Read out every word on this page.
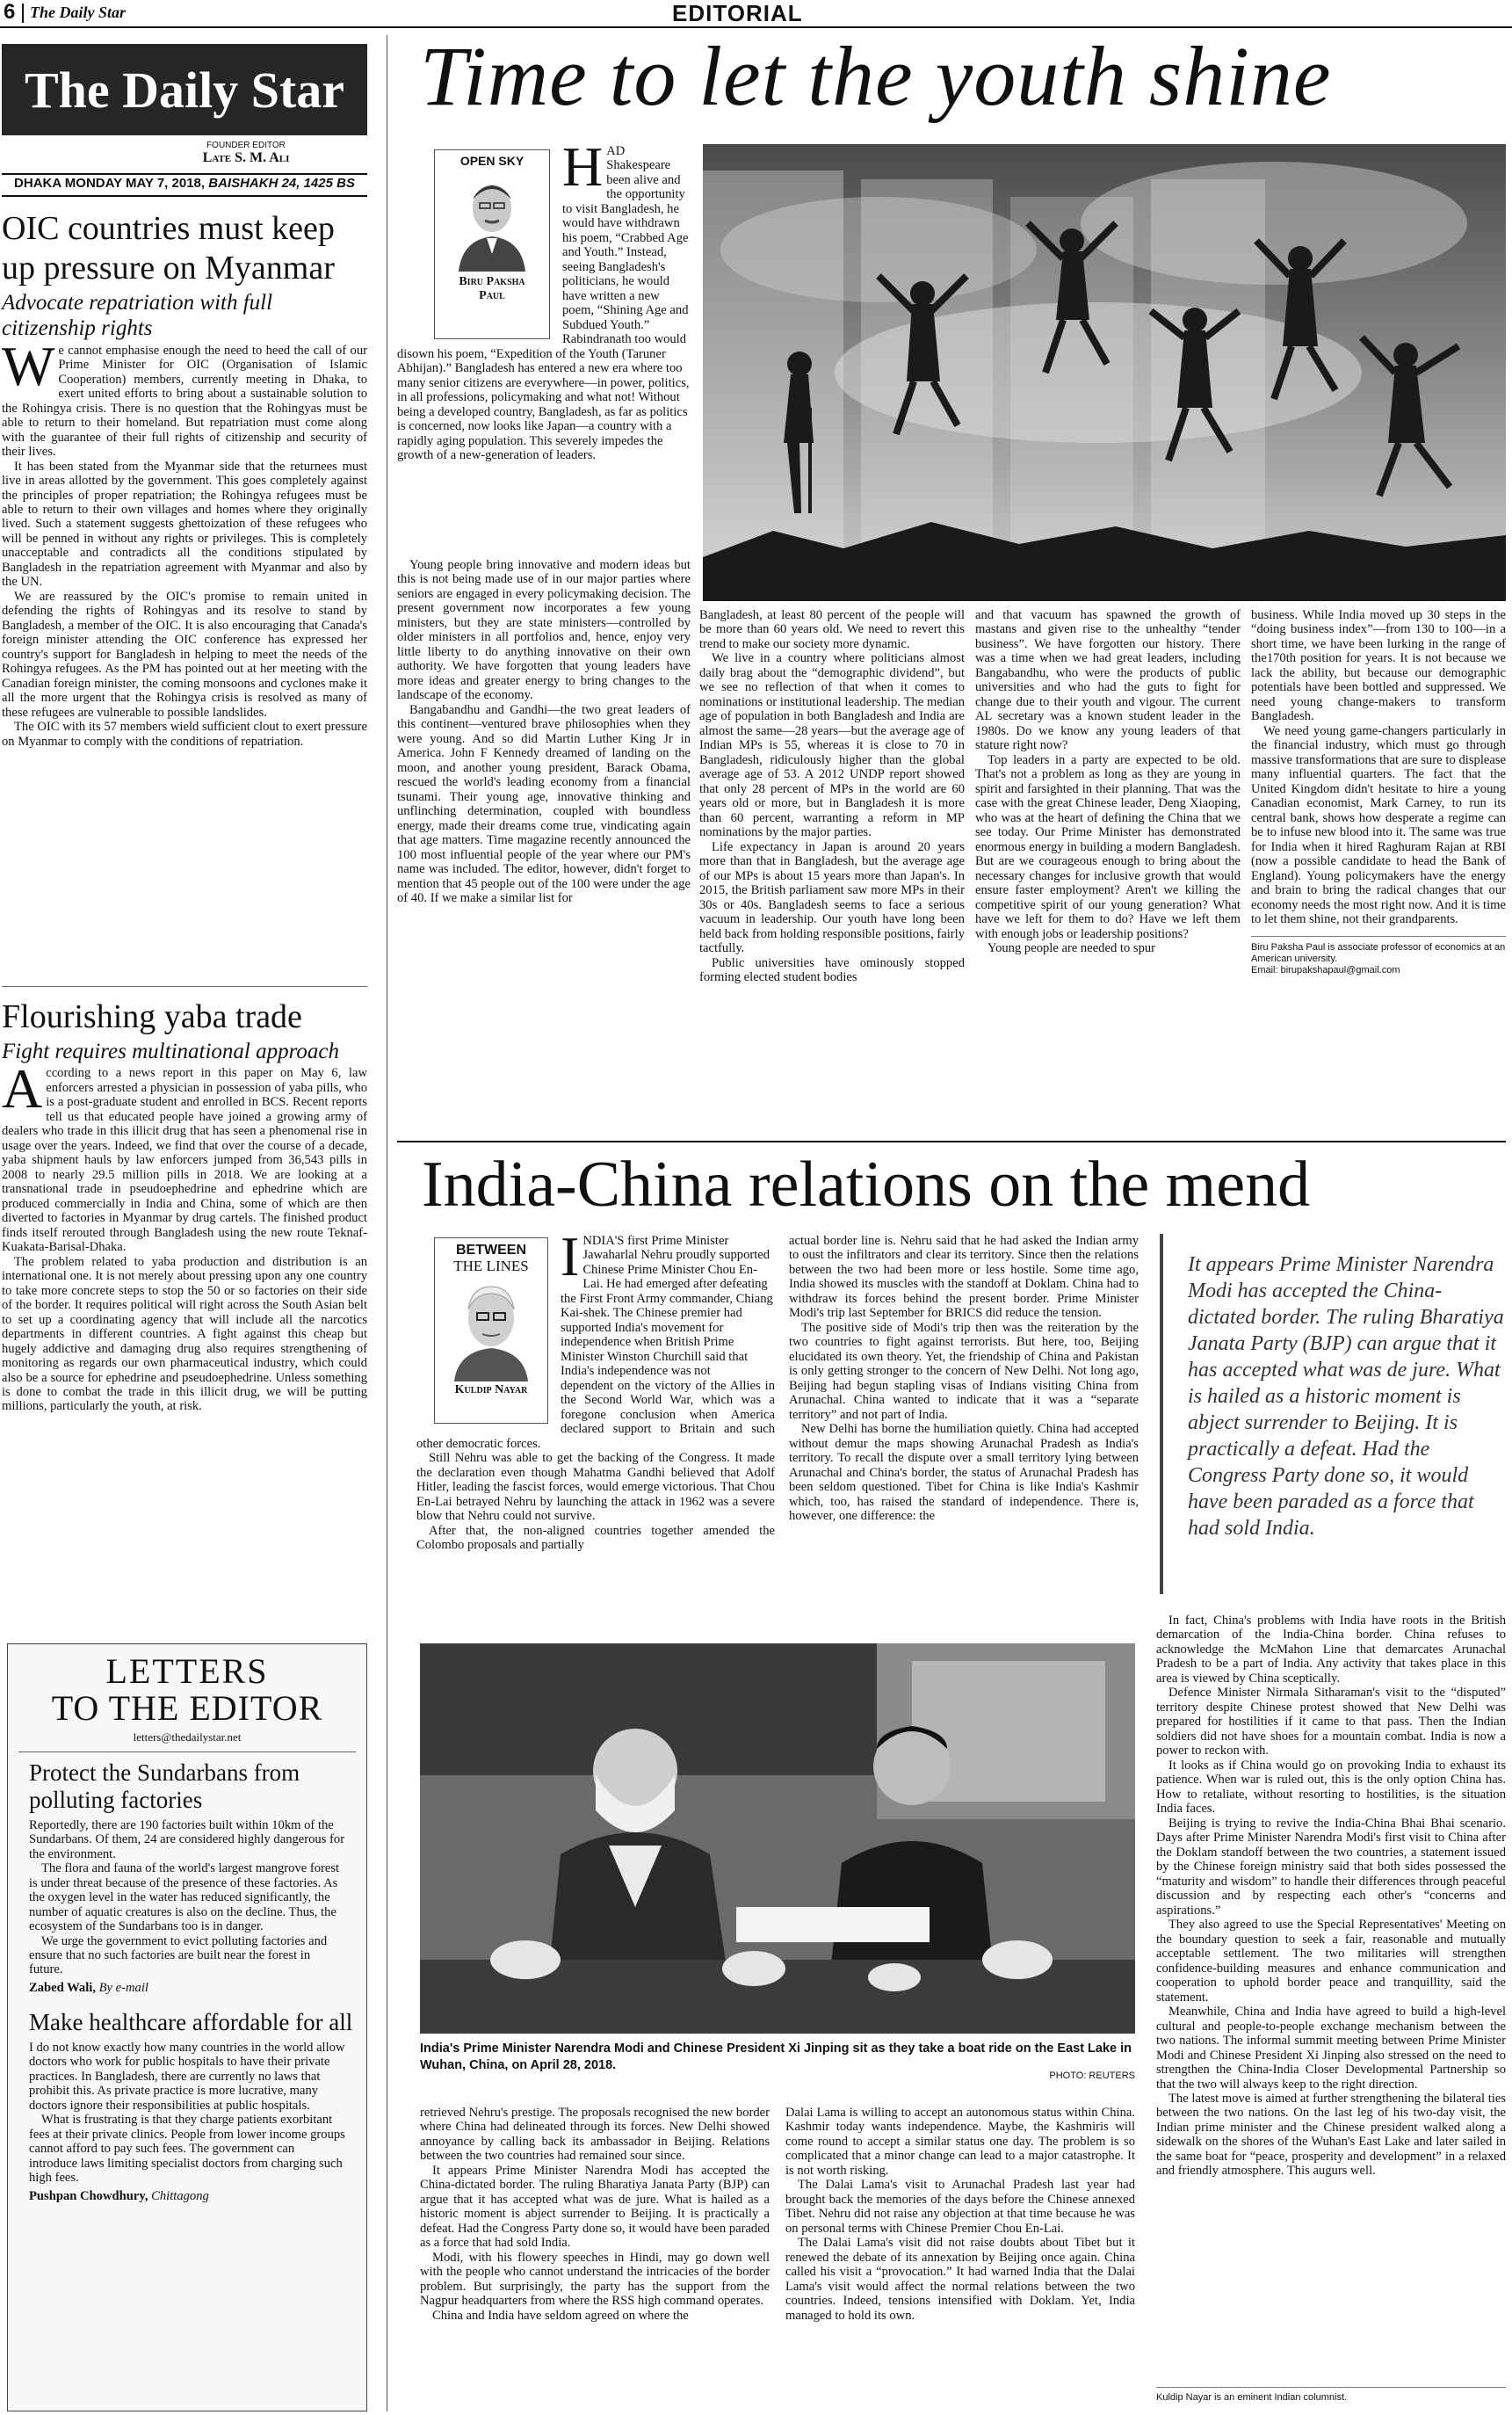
6 The Daily Star	EDITORIAL
The Daily Star
FOUNDER EDITOR
Late S. M. Ali
DHAKA MONDAY MAY 7, 2018, BAISHAKH 24, 1425 BS
OIC countries must keep up pressure on Myanmar
Advocate repatriation with full citizenship rights

We cannot emphasise enough the need to heed the call of our Prime Minister for OIC (Organisation of Islamic Cooperation) members, currently meeting in Dhaka, to exert united efforts to bring about a sustainable solution to the Rohingya crisis. There is no question that the Rohingyas must be able to return to their homeland. But repatriation must come along with the guarantee of their full rights of citizenship and security of their lives.

It has been stated from the Myanmar side that the returnees must live in areas allotted by the government. This goes completely against the principles of proper repatriation; the Rohingya refugees must be able to return to their own villages and homes where they originally lived. Such a statement suggests ghettoization of these refugees who will be penned in without any rights or privileges. This is completely unacceptable and contradicts all the conditions stipulated by Bangladesh in the repatriation agreement with Myanmar and also by the UN.

We are reassured by the OIC's promise to remain united in defending the rights of Rohingyas and its resolve to stand by Bangladesh, a member of the OIC. It is also encouraging that Canada's foreign minister attending the OIC conference has expressed her country's support for Bangladesh in helping to meet the needs of the Rohingya refugees. As the PM has pointed out at her meeting with the Canadian foreign minister, the coming monsoons and cyclones make it all the more urgent that the Rohingya crisis is resolved as many of these refugees are vulnerable to possible landslides.

The OIC with its 57 members wield sufficient clout to exert pressure on Myanmar to comply with the conditions of repatriation.

Flourishing yaba trade
Fight requires multinational approach

According to a news report in this paper on May 6, law enforcers arrested a physician in possession of yaba pills, who is a post-graduate student and enrolled in BCS. Recent reports tell us that educated people have joined a growing army of dealers who trade in this illicit drug that has seen a phenomenal rise in usage over the years. Indeed, we find that over the course of a decade, yaba shipment hauls by law enforcers jumped from 36,543 pills in 2008 to nearly 29.5 million pills in 2018. We are looking at a transnational trade in pseudoephedrine and ephedrine which are produced commercially in India and China, some of which are then diverted to factories in Myanmar by drug cartels. The finished product finds itself rerouted through Bangladesh using the new route Teknaf-Kuakata-Barisal-Dhaka.

The problem related to yaba production and distribution is an international one. It is not merely about pressing upon any one country to take more concrete steps to stop the 50 or so factories on their side of the border. It requires political will right across the South Asian belt to set up a coordinating agency that will include all the narcotics departments in different countries. A fight against this cheap but hugely addictive and damaging drug also requires strengthening of monitoring as regards our own pharmaceutical industry, which could also be a source for ephedrine and pseudoephedrine. Unless something is done to combat the trade in this illicit drug, we will be putting millions, particularly the youth, at risk.

LETTERS
TO THE EDITOR
letters@thedailystar.net
Protect the Sundarbans from polluting factories

Reportedly, there are 190 factories built within 10km of the Sundarbans. Of them, 24 are considered highly dangerous for the environment.

The flora and fauna of the world's largest mangrove forest is under threat because of the presence of these factories. As the oxygen level in the water has reduced significantly, the number of aquatic creatures is also on the decline. Thus, the ecosystem of the Sundarbans too is in danger.

We urge the government to evict polluting factories and ensure that no such factories are built near the forest in future.

Zabed Wali, By e-mail

Make healthcare affordable for all

I do not know exactly how many countries in the world allow doctors who work for public hospitals to have their private practices. In Bangladesh, there are currently no laws that prohibit this. As private practice is more lucrative, many doctors ignore their responsibilities at public hospitals.

What is frustrating is that they charge patients exorbitant fees at their private clinics. People from lower income groups cannot afford to pay such fees. The government can introduce laws limiting specialist doctors from charging such high fees.

Pushpan Chowdhury, Chittagong

Time to let the youth shine
OPEN SKY
Biru Paksha Paul

HAD Shakespeare been alive and the opportunity to visit Bangladesh, he would have withdrawn his poem, “Crabbed Age and Youth.” Instead, seeing Bangladesh's politicians, he would have written a new poem, “Shining Age and Subdued Youth.” Rabindranath too would disown his poem, “Expedition of the Youth (Taruner Abhijan).” Bangladesh has entered a new era where too many senior citizens are everywhere—in power, politics, in all professions, policymaking and what not! Without being a developed country, Bangladesh, as far as politics is concerned, now looks like Japan—a country with a rapidly aging population. This severely impedes the growth of a new-generation of leaders.

Young people bring innovative and modern ideas but this is not being made use of in our major parties where seniors are engaged in every policymaking decision. The present government now incorporates a few young ministers, but they are state ministers—controlled by older ministers in all portfolios and, hence, enjoy very little liberty to do anything innovative on their own authority. We have forgotten that young leaders have more ideas and greater energy to bring changes to the landscape of the economy.

Bangabandhu and Gandhi—the two great leaders of this continent—ventured brave philosophies when they were young. And so did Martin Luther King Jr in America. John F Kennedy dreamed of landing on the moon, and another young president, Barack Obama, rescued the world's leading economy from a financial tsunami. Their young age, innovative thinking and unflinching determination, coupled with boundless energy, made their dreams come true, vindicating again that age matters. Time magazine recently announced the 100 most influential people of the year where our PM's name was included. The editor, however, didn't forget to mention that 45 people out of the 100 were under the age of 40. If we make a similar list for

Bangladesh, at least 80 percent of the people will be more than 60 years old. We need to revert this trend to make our society more dynamic.

We live in a country where politicians almost daily brag about the “demographic dividend”, but we see no reflection of that when it comes to nominations or institutional leadership. The median age of population in both Bangladesh and India are almost the same—28 years—but the average age of Indian MPs is 55, whereas it is close to 70 in Bangladesh, ridiculously higher than the global average age of 53. A 2012 UNDP report showed that only 28 percent of MPs in the world are 60 years old or more, but in Bangladesh it is more than 60 percent, warranting a reform in MP nominations by the major parties.

Life expectancy in Japan is around 20 years more than that in Bangladesh, but the average age of our MPs is about 15 years more than Japan's. In 2015, the British parliament saw more MPs in their 30s or 40s. Bangladesh seems to face a serious vacuum in leadership. Our youth have long been held back from holding responsible positions, fairly tactfully.

Public universities have ominously stopped forming elected student bodies

and that vacuum has spawned the growth of mastans and given rise to the unhealthy “tender business”. We have forgotten our history. There was a time when we had great leaders, including Bangabandhu, who were the products of public universities and who had the guts to fight for change due to their youth and vigour. The current AL secretary was a known student leader in the 1980s. Do we know any young leaders of that stature right now?

Top leaders in a party are expected to be old. That's not a problem as long as they are young in spirit and farsighted in their planning. That was the case with the great Chinese leader, Deng Xiaoping, who was at the heart of defining the China that we see today. Our Prime Minister has demonstrated enormous energy in building a modern Bangladesh. But are we courageous enough to bring about the necessary changes for inclusive growth that would ensure faster employment? Aren't we killing the competitive spirit of our young generation? What have we left for them to do? Have we left them with enough jobs or leadership positions?

Young people are needed to spur

business. While India moved up 30 steps in the “doing business index”—from 130 to 100—in a short time, we have been lurking in the range of the170th position for years. It is not because we lack the ability, but because our demographic potentials have been bottled and suppressed. We need young change-makers to transform Bangladesh.

We need young game-changers particularly in the financial industry, which must go through massive transformations that are sure to displease many influential quarters. The fact that the United Kingdom didn't hesitate to hire a young Canadian economist, Mark Carney, to run its central bank, shows how desperate a regime can be to infuse new blood into it. The same was true for India when it hired Raghuram Rajan at RBI (now a possible candidate to head the Bank of England). Young policymakers have the energy and brain to bring the radical changes that our economy needs the most right now. And it is time to let them shine, not their grandparents.

Biru Paksha Paul is associate professor of economics at an American university.

Email: birupakshapaul@gmail.com

India-China relations on the mend
BETWEEN
THE LINES
Kuldip Nayar

INDIA'S first Prime Minister Jawaharlal Nehru proudly supported Chinese Prime Minister Chou En-Lai. He had emerged after defeating the First Front Army commander, Chiang Kai-shek. The Chinese premier had supported India's movement for independence when British Prime Minister Winston Churchill said that India's independence was not

dependent on the victory of the Allies in the Second World War, which was a foregone conclusion when America declared support to Britain and such other democratic forces.

Still Nehru was able to get the backing of the Congress. It made the declaration even though Mahatma Gandhi believed that Adolf Hitler, leading the fascist forces, would emerge victorious. That Chou En-Lai betrayed Nehru by launching the attack in 1962 was a severe blow that Nehru could not survive.

After that, the non-aligned countries together amended the Colombo proposals and partially

actual border line is. Nehru said that he had asked the Indian army to oust the infiltrators and clear its territory. Since then the relations between the two had been more or less hostile. Some time ago, India showed its muscles with the standoff at Doklam. China had to withdraw its forces behind the present border. Prime Minister Modi's trip last September for BRICS did reduce the tension.

The positive side of Modi's trip then was the reiteration by the two countries to fight against terrorists. But here, too, Beijing elucidated its own theory. Yet, the friendship of China and Pakistan is only getting stronger to the concern of New Delhi. Not long ago, Beijing had begun stapling visas of Indians visiting China from Arunachal. China wanted to indicate that it was a “separate territory” and not part of India.

New Delhi has borne the humiliation quietly. China had accepted without demur the maps showing Arunachal Pradesh as India's territory. To recall the dispute over a small territory lying between Arunachal and China's border, the status of Arunachal Pradesh has been seldom questioned. Tibet for China is like India's Kashmir which, too, has raised the standard of independence. There is, however, one difference: the

It appears Prime Minister Narendra Modi has accepted the China-dictated border. The ruling Bharatiya Janata Party (BJP) can argue that it has accepted what was de jure. What is hailed as a historic moment is abject surrender to Beijing. It is practically a defeat. Had the Congress Party done so, it would have been paraded as a force that had sold India.

India's Prime Minister Narendra Modi and Chinese President Xi Jinping sit as they take a boat ride on the East Lake in Wuhan, China, on April 28, 2018.

PHOTO: REUTERS

retrieved Nehru's prestige. The proposals recognised the new border where China had delineated through its forces. New Delhi showed annoyance by calling back its ambassador in Beijing. Relations between the two countries had remained sour since.

It appears Prime Minister Narendra Modi has accepted the China-dictated border. The ruling Bharatiya Janata Party (BJP) can argue that it has accepted what was de jure. What is hailed as a historic moment is abject surrender to Beijing. It is practically a defeat. Had the Congress Party done so, it would have been paraded as a force that had sold India.

Modi, with his flowery speeches in Hindi, may go down well with the people who cannot understand the intricacies of the border problem. But surprisingly, the party has the support from the Nagpur headquarters from where the RSS high command operates.

China and India have seldom agreed on where the

Dalai Lama is willing to accept an autonomous status within China. Kashmir today wants independence. Maybe, the Kashmiris will come round to accept a similar status one day. The problem is so complicated that a minor change can lead to a major catastrophe. It is not worth risking.

The Dalai Lama's visit to Arunachal Pradesh last year had brought back the memories of the days before the Chinese annexed Tibet. Nehru did not raise any objection at that time because he was on personal terms with Chinese Premier Chou En-Lai.

The Dalai Lama's visit did not raise doubts about Tibet but it renewed the debate of its annexation by Beijing once again. China called his visit a “provocation.” It had warned India that the Dalai Lama's visit would affect the normal relations between the two countries. Indeed, tensions intensified with Doklam. Yet, India managed to hold its own.

In fact, China's problems with India have roots in the British demarcation of the India-China border. China refuses to acknowledge the McMahon Line that demarcates Arunachal Pradesh to be a part of India. Any activity that takes place in this area is viewed by China sceptically.

Defence Minister Nirmala Sitharaman's visit to the “disputed” territory despite Chinese protest showed that New Delhi was prepared for hostilities if it came to that pass. Then the Indian soldiers did not have shoes for a mountain combat. India is now a power to reckon with.

It looks as if China would go on provoking India to exhaust its patience. When war is ruled out, this is the only option China has. How to retaliate, without resorting to hostilities, is the situation India faces.

Beijing is trying to revive the India-China Bhai Bhai scenario. Days after Prime Minister Narendra Modi's first visit to China after the Doklam standoff between the two countries, a statement issued by the Chinese foreign ministry said that both sides possessed the “maturity and wisdom” to handle their differences through peaceful discussion and by respecting each other's “concerns and aspirations.”

They also agreed to use the Special Representatives' Meeting on the boundary question to seek a fair, reasonable and mutually acceptable settlement. The two militaries will strengthen confidence-building measures and enhance communication and cooperation to uphold border peace and tranquillity, said the statement.

Meanwhile, China and India have agreed to build a high-level cultural and people-to-people exchange mechanism between the two nations. The informal summit meeting between Prime Minister Modi and Chinese President Xi Jinping also stressed on the need to strengthen the China-India Closer Developmental Partnership so that the two will always keep to the right direction.

The latest move is aimed at further strengthening the bilateral ties between the two nations. On the last leg of his two-day visit, the Indian prime minister and the Chinese president walked along a sidewalk on the shores of the Wuhan's East Lake and later sailed in the same boat for “peace, prosperity and development” in a relaxed and friendly atmosphere. This augurs well.

Kuldip Nayar is an eminent Indian columnist.
